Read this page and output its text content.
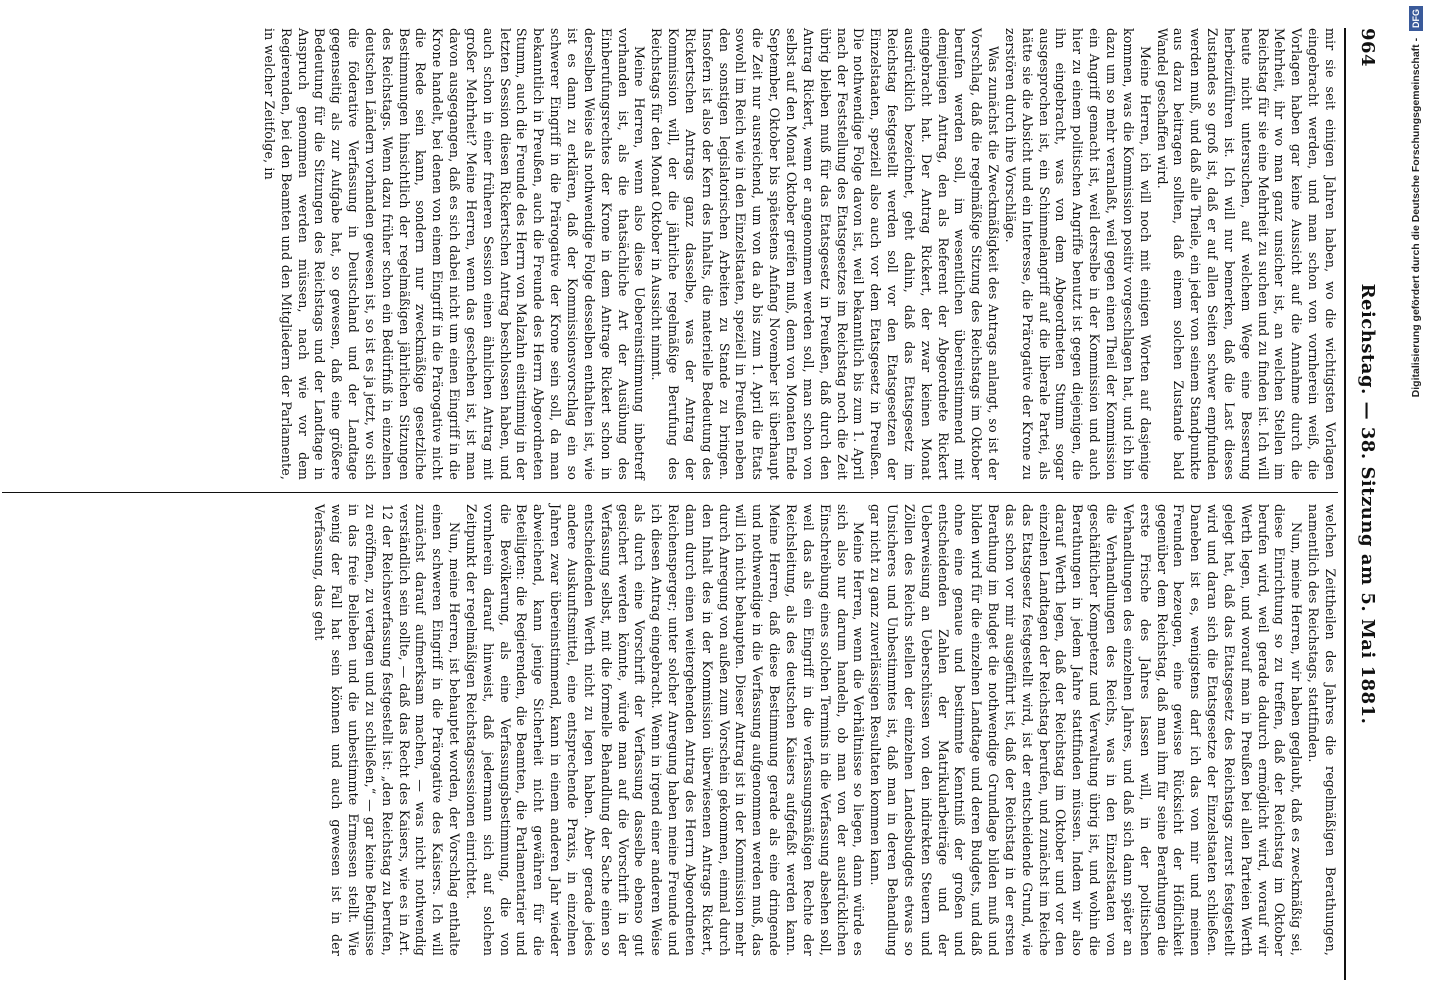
964
Reichstag. — 38. Sitzung am 5. Mai 1881.

mir sie seit einigen Jahren haben, wo die wichtigsten Vorlagen eingebracht werden, und man schon von vornherein weiß, die Vorlagen haben gar keine Aussicht auf die Annahme durch die Mehrheit, ihr wo man ganz unsicher ist, an welchen Stellen im Reichstag für sie eine Mehrheit zu suchen und zu finden ist. Ich will heute nicht untersuchen, auf welchem Wege eine Besserung herbeizuführen ist. Ich will nur bemerken, daß die Last dieses Zustandes so groß ist, daß er auf allen Seiten schwer empfunden werden muß, und daß alle Theile, ein jeder von seinem Standpunkte aus dazu beitragen sollten, daß einem solchen Zustande bald Wandel geschaffen wird.

Meine Herren, ich will noch mit einigen Worten auf dasjenige kommen, was die Kommission positiv vorgeschlagen hat, und ich bin dazu um so mehr veranlaßt, weil gegen einen Theil der Kommission ein Angriff gemacht ist, weil derselbe in der Kommission und auch hier zu einem politischen Angriffe benutzt ist gegen diejenigen, die ihn eingebracht, was von dem Abgeordneten Stumm sogar ausgesprochen ist, ein Schimmelangriff auf die liberale Partei, als hätte sie die Absicht und ein Interesse, die Prärogative der Krone zu zerstören durch ihre Vorschläge.

Was zunächst die Zweckmäßigkeit des Antrags anlangt, so ist der Vorschlag, daß die regelmäßige Sitzung des Reichstags im Oktober berufen werden soll, im wesentlichen übereinstimmend mit demjenigen Antrag, den als Referent der Abgeordnete Rickert eingebracht hat. Der Antrag Rickert, der zwar keinen Monat ausdrücklich bezeichnet, geht dahin, daß das Etatsgesetz im Reichstag festgestellt werden soll vor den Etatsgesetzen der Einzelstaaten, speziell also auch vor dem Etatsgesetz in Preußen. Die nothwendige Folge davon ist, weil bekanntlich bis zum 1. April nach der Feststellung des Etatsgesetzes im Reichstag noch die Zeit übrig bleiben muß für das Etatsgesetz in Preußen, daß durch den Antrag Rickert, wenn er angenommen werden soll, man schon von selbst auf den Monat Oktober greifen muß, denn von Monaten Ende September, Oktober bis spätestens Anfang November ist überhaupt die Zeit nur ausreichend, um von da ab bis zum 1. April die Etats sowohl im Reich wie in den Einzelstaaten, speziell in Preußen neben den sonstigen legislatorischen Arbeiten zu Stande zu bringen. Insofern ist also der Kern des Inhalts, die materielle Bedeutung des Rickertschen Antrags ganz dasselbe, was der Antrag der Kommission will, der die jährliche regelmäßige Berufung des Reichstags für den Monat Oktober in Aussicht nimmt.

Meine Herren, wenn also diese Uebereinstimmung inbetreff vorhanden ist, als die thatsächliche Art der Ausübung des Einberufungsrechtes der Krone in dem Antrage Rickert schon in derselben Weise als nothwendige Folge desselben enthalten ist, wie ist es dann zu erklären, daß der Kommissionsvorschlag ein so schwerer Eingriff in die Prärogative der Krone sein soll, da man bekanntlich in Preußen, auch die Freunde des Herrn Abgeordneten Stumm, auch die Freunde des Herrn von Malzahn einstimmig in der letzten Session diesen Rickertschen Antrag beschlossen haben, und auch schon in einer früheren Session einen ähnlichen Antrag mit großer Mehrheit? Meine Herren, wenn das geschehen ist, ist man davon ausgegangen, daß es sich dabei nicht um einen Eingriff in die Krone handelt, bei denen von einem Eingriff in die Prärogative nicht die Rede sein kann, sondern nur zweckmäßige gesetzliche Bestimmungen hinsichtlich der regelmäßigen jährlichen Sitzungen des Reichstags. Wenn dazu früher schon ein Bedürfniß in einzelnen deutschen Ländern vorhanden gewesen ist, so ist es ja jetzt, wo sich die föderative Verfassung in Deutschland und der Landtage gegenseitig als zur Aufgabe hat, so gewesen, daß eine größere Bedeutung für die Sitzungen des Reichstags und der Landtage in Anspruch genommen werden müssen, nach wie vor dem Regierenden, bei den Beamten und den Mitgliedern der Parlamente, in welcher Zeitfolge, in

welchen Zeittheilen des Jahres die regelmäßigen Berathungen, namentlich des Reichstags, stattfinden.

Nun, meine Herren, wir haben geglaubt, daß es zweckmäßig sei, diese Einrichtung so zu treffen, daß der Reichstag im Oktober berufen wird, weil gerade dadurch ermöglicht wird, worauf wir Werth legen, und worauf man in Preußen bei allen Parteien Werth gelegt hat, daß das Etatsgesetz des Reichstags zuerst festgestellt wird und daran sich die Etatsgesetze der Einzelstaaten schließen. Daneben ist es, wenigstens darf ich das von mir und meinen Freunden bezeugen, eine gewisse Rücksicht der Höflichkeit gegenüber dem Reichstag, daß man ihm für seine Berathungen die erste Frische des Jahres lassen will, in der politischen Verhandlungen des einzelnen Jahres, und daß sich dann später an die Verhandlungen des Reichs, was in den Einzelstaaten von geschäftlicher Kompetenz und Verwaltung übrig ist, und wohin die Berathungen in jedem Jahre stattfinden müssen. Indem wir also darauf Werth legen, daß der Reichstag im Oktober und vor den einzelnen Landtagen der Reichstag berufen, und zunächst im Reiche das Etatsgesetz festgestellt wird, ist der entscheidende Grund, wie das schon vor mir ausgeführt ist, daß der Reichstag in der ersten Berathung im Budget die nothwendige Grundlage bilden muß und bilden wird für die einzelnen Landtage und deren Budgets, und daß ohne eine genaue und bestimmte Kenntniß der großen und entscheidenden Zahlen der Matrikularbeiträge und der Ueberweisung an Ueberschüssen von den indirekten Steuern und Zöllen des Reichs stellen der einzelnen Landesbudgets etwas so Unsicheres und Unbestimmtes ist, daß man in deren Behandlung gar nicht zu ganz zuverlässigen Resultaten kommen kann.

Meine Herren, wenn die Verhältnisse so liegen, dann würde es sich also nur darum handeln, ob man von der ausdrücklichen Einschreibung eines solchen Termins in die Verfassung absehen soll, weil das als ein Eingriff in die verfassungsmäßigen Rechte der Reichsleitung, als des deutschen Kaisers aufgefaßt werden kann. Meine Herren, daß diese Bestimmung gerade als eine dringende und nothwendige in die Verfassung aufgenommen werden muß, das will ich nicht behaupten. Dieser Antrag ist in der Kommission mehr durch Anregung von außen zum Vorschein gekommen, einmal durch den Inhalt des in der Kommission überwiesenen Antrags Rickert, dann durch einen weitergehenden Antrag des Herrn Abgeordneten Reichensperger; unter solcher Anregung haben meine Freunde und ich diesen Antrag eingebracht. Wenn in irgend einer anderen Weise als durch eine Vorschrift der Verfassung dasselbe ebenso gut gesichert werden könnte, würde man auf die Vorschrift in der Verfassung selbst, mit die formelle Behandlung der Sache einen so entscheidenden Werth nicht zu legen haben. Aber gerade jedes andere Auskunftsmittel, eine entsprechende Praxis, in einzelnen Jahren zwar übereinstimmend, kann in einem anderen Jahr wieder abweichend, kann jenige Sicherheit nicht gewähren für die Beteiligten: die Regierenden, die Beamten, die Parlamentarier und die Bevölkerung, als eine Verfassungsbestimmung, die von vornherein darauf hinweist, daß jedermann sich auf solchen Zeitpunkt der regelmäßigen Reichstagssessionen einrichtet.

Nun, meine Herren, ist behauptet worden, der Vorschlag enthalte einen schweren Eingriff in die Prärogative des Kaisers. Ich will zunächst darauf aufmerksam machen, — was nicht nothwendig verständlich sein sollte, — daß das Recht des Kaisers, wie es in Art. 12 der Reichsverfassung festgestellt ist: „den Reichstag zu berufen, zu eröffnen, zu vertagen und zu schließen,“ — gar keine Befugnisse in das freie Belieben und die unbestimmte Ermessen stellt. Wie wenig der Fall hat sein können und auch gewesen ist in der Verfassung, das geht

Digitalisierung gefördert durch die Deutsche Forschungsgemeinschaft - DFG
